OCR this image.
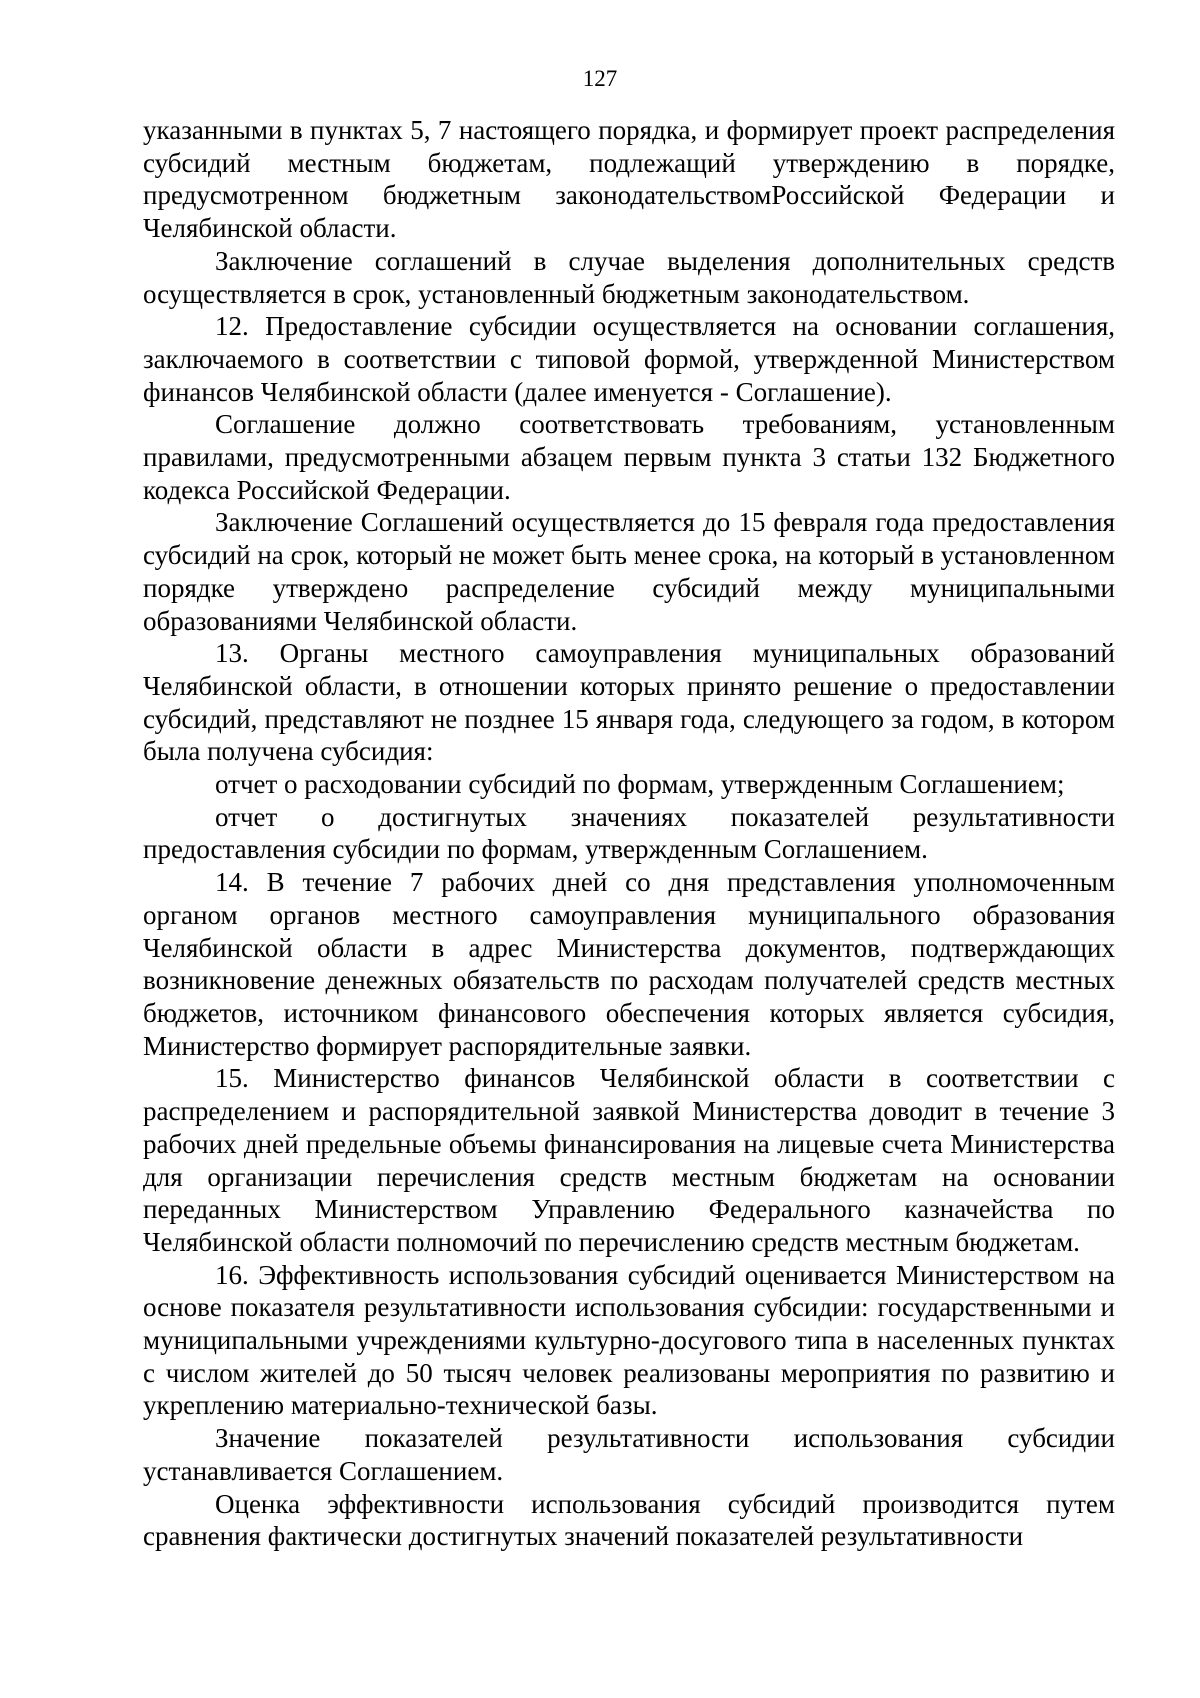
127

указанными в пунктах 5, 7 настоящего порядка, и формирует проект распределения субсидий местным бюджетам, подлежащий утверждению в порядке, предусмотренном бюджетным законодательствомРоссийской Федерации и Челябинской области.

Заключение соглашений в случае выделения дополнительных средств осуществляется в срок, установленный бюджетным законодательством.

12. Предоставление субсидии осуществляется на основании соглашения, заключаемого в соответствии с типовой формой, утвержденной Министерством финансов Челябинской области (далее именуется - Соглашение).

Соглашение должно соответствовать требованиям, установленным правилами, предусмотренными абзацем первым пункта 3 статьи 132 Бюджетного кодекса Российской Федерации.

Заключение Соглашений осуществляется до 15 февраля года предоставления субсидий на срок, который не может быть менее срока, на который в установленном порядке утверждено распределение субсидий между муниципальными образованиями Челябинской области.

13. Органы местного самоуправления муниципальных образований Челябинской области, в отношении которых принято решение о предоставлении субсидий, представляют не позднее 15 января года, следующего за годом, в котором была получена субсидия:

отчет о расходовании субсидий по формам, утвержденным Соглашением;

отчет о достигнутых значениях показателей результативности предоставления субсидии по формам, утвержденным Соглашением.

14. В течение 7 рабочих дней со дня представления уполномоченным органом органов местного самоуправления муниципального образования Челябинской области в адрес Министерства документов, подтверждающих возникновение денежных обязательств по расходам получателей средств местных бюджетов, источником финансового обеспечения которых является субсидия, Министерство формирует распорядительные заявки.

15. Министерство финансов Челябинской области в соответствии с распределением и распорядительной заявкой Министерства доводит в течение 3 рабочих дней предельные объемы финансирования на лицевые счета Министерства для организации перечисления средств местным бюджетам на основании переданных Министерством Управлению Федерального казначейства по Челябинской области полномочий по перечислению средств местным бюджетам.

16. Эффективность использования субсидий оценивается Министерством на основе показателя результативности использования субсидии: государственными и муниципальными учреждениями культурно-досугового типа в населенных пунктах с числом жителей до 50 тысяч человек реализованы мероприятия по развитию и укреплению материально-технической базы.

Значение показателей результативности использования субсидии устанавливается Соглашением.

Оценка эффективности использования субсидий производится путем сравнения фактически достигнутых значений показателей результативности
